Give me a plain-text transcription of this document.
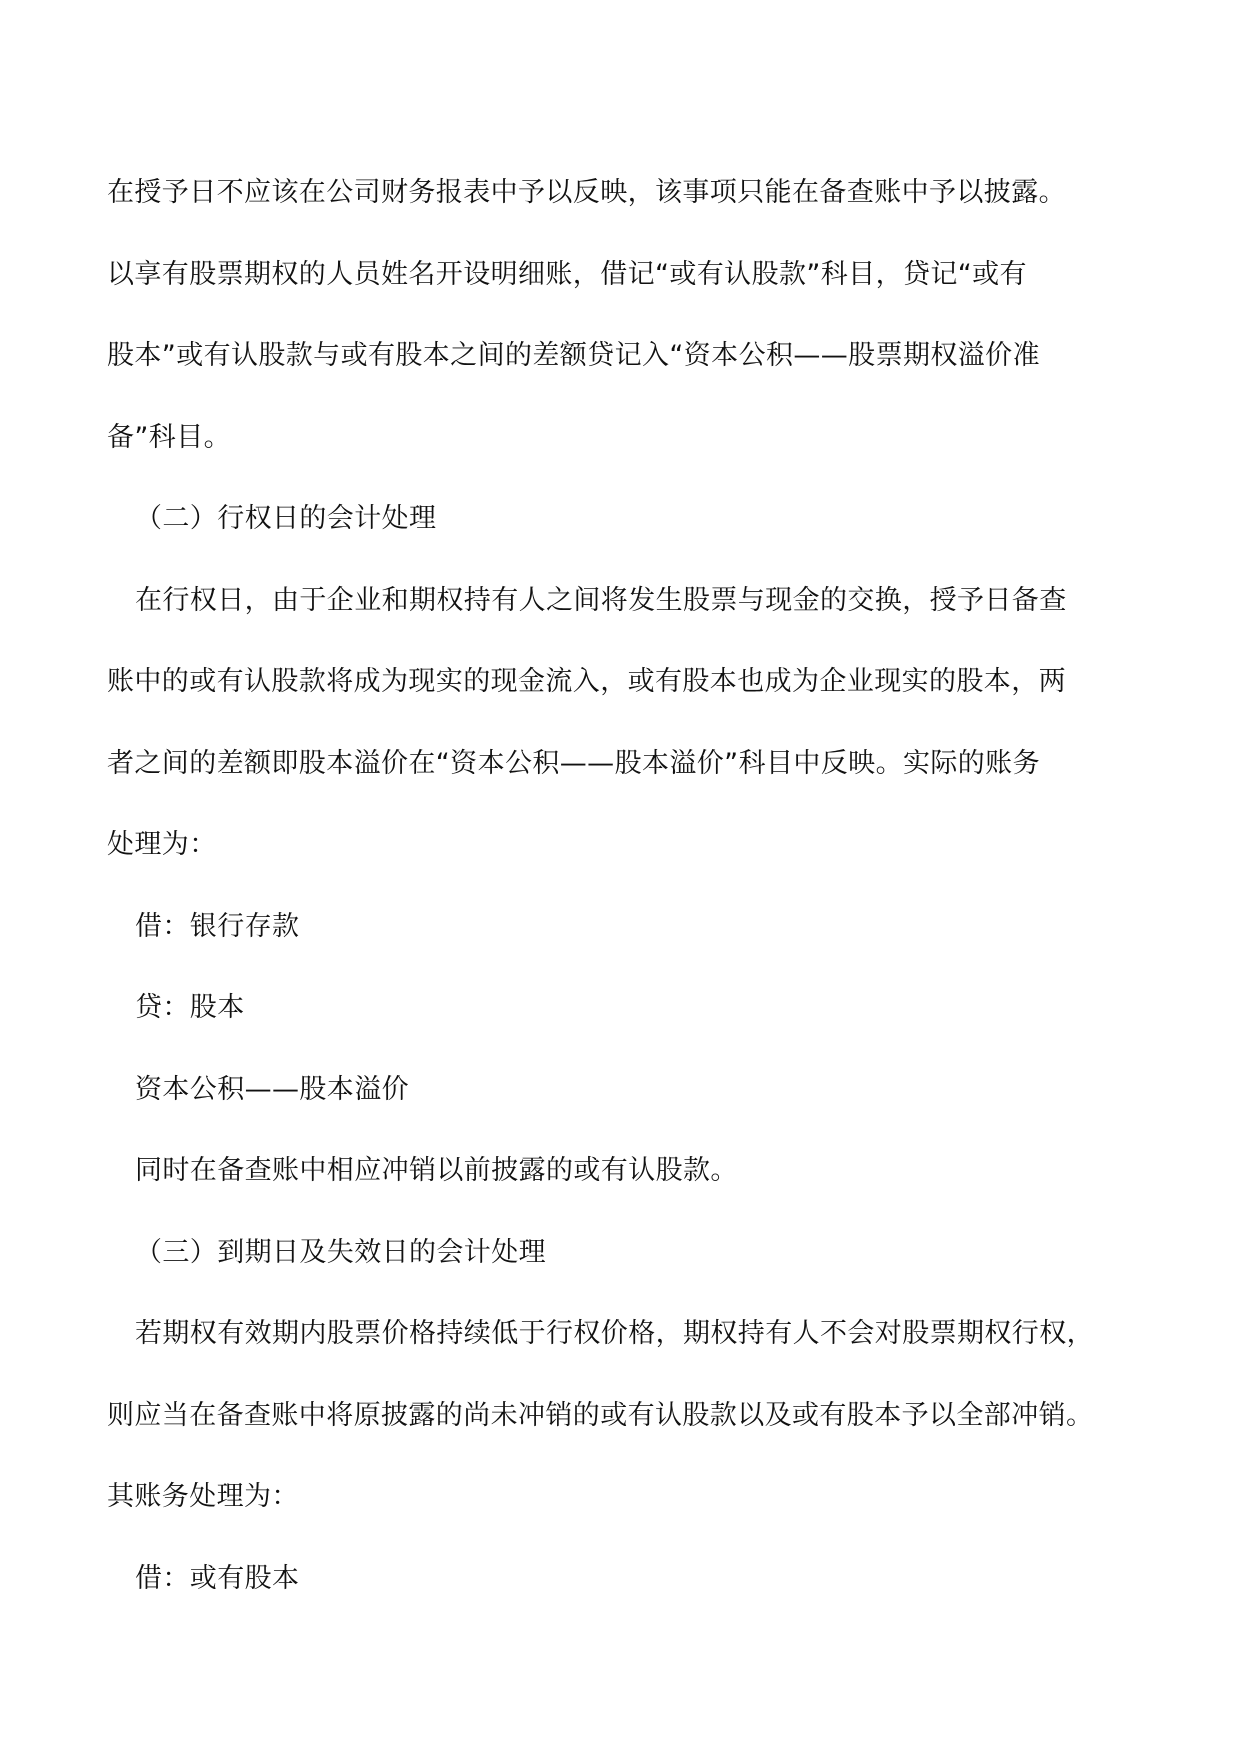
在授予日不应该在公司财务报表中予以反映，该事项只能在备查账中予以披露。
以享有股票期权的人员姓名开设明细账，借记“或有认股款”科目，贷记“或有
股本”或有认股款与或有股本之间的差额贷记入“资本公积——股票期权溢价准
备”科目。
（二）行权日的会计处理
在行权日，由于企业和期权持有人之间将发生股票与现金的交换，授予日备查
账中的或有认股款将成为现实的现金流入，或有股本也成为企业现实的股本，两
者之间的差额即股本溢价在“资本公积——股本溢价”科目中反映。实际的账务
处理为：
借：银行存款
贷：股本
资本公积——股本溢价
同时在备查账中相应冲销以前披露的或有认股款。
（三）到期日及失效日的会计处理
若期权有效期内股票价格持续低于行权价格，期权持有人不会对股票期权行权，
则应当在备查账中将原披露的尚未冲销的或有认股款以及或有股本予以全部冲销。
其账务处理为：
借：或有股本
